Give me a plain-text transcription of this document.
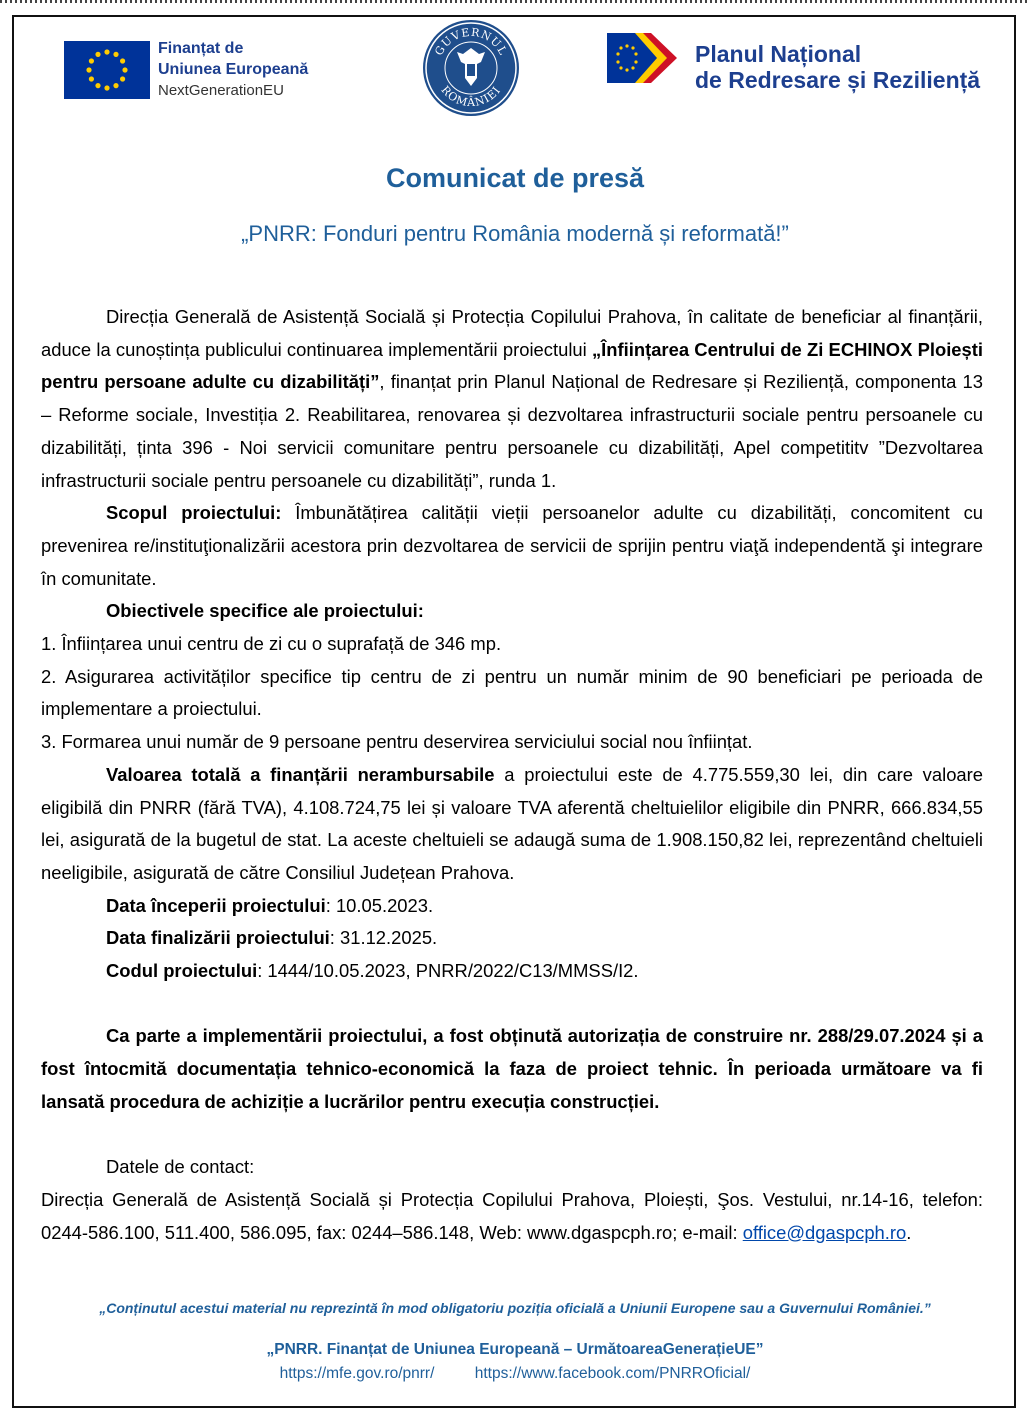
Finanțat de
Uniunea Europeană
NextGenerationEU
GUVERNUL
ROMÂNIEI
Planul Național
de Redresare și Reziliență
Comunicat de presă
„PNRR: Fonduri pentru România modernă și reformată!”

Direcția Generală de Asistență Socială și Protecția Copilului Prahova, în calitate de beneficiar al finanțării, aduce la cunoștința publicului continuarea implementării proiectului „Înființarea Centrului de Zi ECHINOX Ploiești pentru persoane adulte cu dizabilități”, finanțat prin Planul Național de Redresare și Reziliență, componenta 13 – Reforme sociale, Investiția 2. Reabilitarea, renovarea și dezvoltarea infrastructurii sociale pentru persoanele cu dizabilități, ținta 396 - Noi servicii comunitare pentru persoanele cu dizabilități, Apel competititv ”Dezvoltarea infrastructurii sociale pentru persoanele cu dizabilități”, runda 1.

Scopul proiectului: Îmbunătățirea calității vieții persoanelor adulte cu dizabilități, concomitent cu prevenirea re/instituţionalizării acestora prin dezvoltarea de servicii de sprijin pentru viaţă independentă şi integrare în comunitate.

Obiectivele specifice ale proiectului:

1. Înființarea unui centru de zi cu o suprafață de 346 mp.

2. Asigurarea activităților specifice tip centru de zi pentru un număr minim de 90 beneficiari pe perioada de implementare a proiectului.

3. Formarea unui număr de 9 persoane pentru deservirea serviciului social nou înființat.

Valoarea totală a finanțării nerambursabile a proiectului este de 4.775.559,30 lei, din care valoare eligibilă din PNRR (fără TVA), 4.108.724,75 lei și valoare TVA aferentă cheltuielilor eligibile din PNRR, 666.834,55 lei, asigurată de la bugetul de stat. La aceste cheltuieli se adaugă suma de 1.908.150,82 lei, reprezentând cheltuieli neeligibile, asigurată de către Consiliul Județean Prahova.

Data începerii proiectului: 10.05.2023.

Data finalizării proiectului: 31.12.2025.

Codul proiectului: 1444/10.05.2023, PNRR/2022/C13/MMSS/I2.

Ca parte a implementării proiectului, a fost obținută autorizația de construire nr. 288/29.07.2024 și a fost întocmită documentația tehnico-economică la faza de proiect tehnic. În perioada următoare va fi lansată procedura de achiziție a lucrărilor pentru execuția construcției.

Datele de contact:

Direcția Generală de Asistență Socială și Protecția Copilului Prahova, Ploiești, Şos. Vestului, nr.14-16, telefon: 0244-586.100, 511.400, 586.095, fax: 0244–586.148, Web: www.dgaspcph.ro; e-mail: office@dgaspcph.ro.

„Conținutul acestui material nu reprezintă în mod obligatoriu poziția oficială a Uniunii Europene sau a Guvernului României.”
„PNRR. Finanțat de Uniunea Europeană – UrmătoareaGenerațieUE”
https://mfe.gov.ro/pnrr/	https://www.facebook.com/PNRROficial/
